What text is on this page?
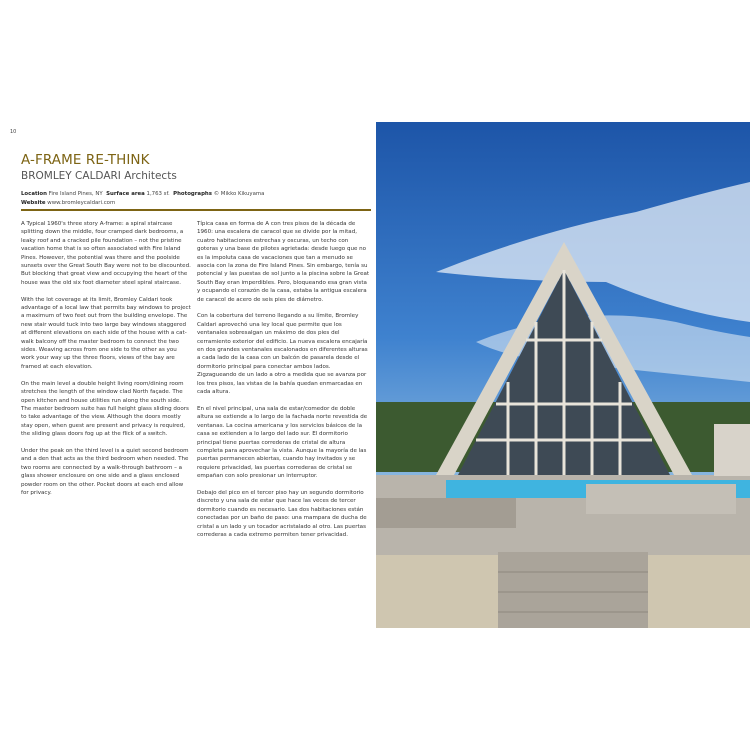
10
A-FRAME RE-THINK
BROMLEY CALDARI Architects
Location Fire Island Pines, NY Surface area 1,763 sf. Photographs © Mikko Kikuyama
Website www.bromleycaldari.com

A Typical 1960's three story A-frame: a spiral staircase splitting down the middle, four cramped dark bedrooms, a leaky roof and a cracked pile foundation – not the pristine vacation home that is so often associated with Fire Island Pines. However, the potential was there and the poolside sunsets over the Great South Bay were not to be discounted. But blocking that great view and occupying the heart of the house was the old six foot diameter steel spiral staircase.

With the lot coverage at its limit, Bromley Caldari took advantage of a local law that permits bay windows to project a maximum of two feet out from the building envelope. The new stair would tuck into two large bay windows staggered at different elevations on each side of the house with a cat-walk balcony off the master bedroom to connect the two sides. Weaving across from one side to the other as you work your way up the three floors, views of the bay are framed at each elevation.

On the main level a double height living room/dining room stretches the length of the window clad North façade. The open kitchen and house utilities run along the south side. The master bedroom suite has full height glass sliding doors to take advantage of the view. Although the doors mostly stay open, when guest are present and privacy is required, the sliding glass doors fog up at the flick of a switch.

Under the peak on the third level is a quiet second bedroom and a den that acts as the third bedroom when needed. The two rooms are connected by a walk-through bathroom – a glass shower enclosure on one side and a glass enclosed powder room on the other. Pocket doors at each end allow for privacy.

Típica casa en forma de A con tres pisos de la década de 1960: una escalera de caracol que se divide por la mitad, cuatro habitaciones estrechas y oscuras, un techo con goteras y una base de pilotes agrietada: desde luego que no es la impoluta casa de vacaciones que tan a menudo se asocia con la zona de Fire Island Pines. Sin embargo, tenía su potencial y las puestas de sol junto a la piscina sobre la Great South Bay eran imperdibles. Pero, bloqueando esa gran vista y ocupando el corazón de la casa, estaba la antigua escalera de caracol de acero de seis pies de diámetro.

Con la cobertura del terreno llegando a su límite, Bromley Caldari aprovechó una ley local que permite que los ventanales sobresalgan un máximo de dos pies del cerramiento exterior del edificio. La nueva escalera encajaría en dos grandes ventanales escalonados en diferentes alturas a cada lado de la casa con un balcón de pasarela desde el dormitorio principal para conectar ambos lados. Zigzagueando de un lado a otro a medida que se avanza por los tres pisos, las vistas de la bahía quedan enmarcadas en cada altura.

En el nivel principal, una sala de estar/comedor de doble altura se extiende a lo largo de la fachada norte revestida de ventanas. La cocina americana y los servicios básicos de la casa se extienden a lo largo del lado sur. El dormitorio principal tiene puertas correderas de cristal de altura completa para aprovechar la vista. Aunque la mayoría de las puertas permanecen abiertas, cuando hay invitados y se requiere privacidad, las puertas correderas de cristal se empañan con solo presionar un interruptor.

Debajo del pico en el tercer piso hay un segundo dormitorio discreto y una sala de estar que hace las veces de tercer dormitorio cuando es necesario. Las dos habitaciones están conectadas por un baño de paso: una mampara de ducha de cristal a un lado y un tocador acristalado al otro. Las puertas correderas a cada extremo permiten tener privacidad.
